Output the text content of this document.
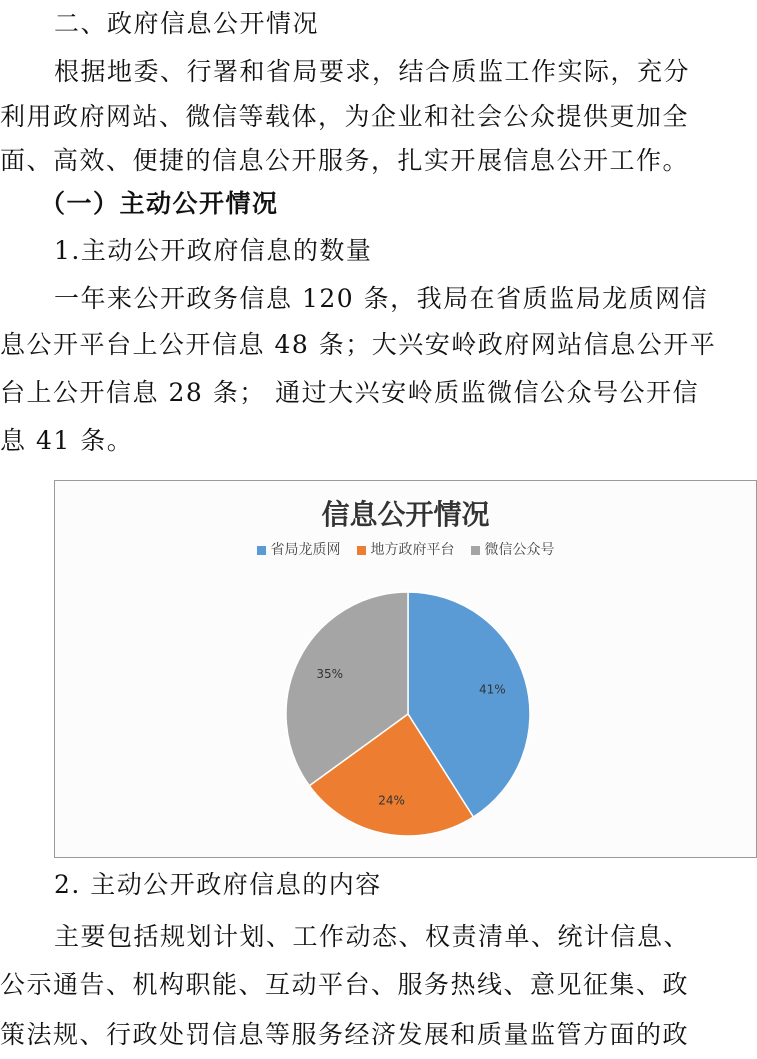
二、政府信息公开情况
根据地委、行署和省局要求，结合质监工作实际，充分
利用政府网站、微信等载体，为企业和社会公众提供更加全
面、高效、便捷的信息公开服务，扎实开展信息公开工作。
（一）主动公开情况
1.主动公开政府信息的数量
一年来公开政务信息 120 条，我局在省质监局龙质网信
息公开平台上公开信息 48 条；大兴安岭政府网站信息公开平
台上公开信息 28 条； 通过大兴安岭质监微信公众号公开信
息 41 条。
2. 主动公开政府信息的内容
主要包括规划计划、工作动态、权责清单、统计信息、
公示通告、机构职能、互动平台、服务热线、意见征集、政
策法规、行政处罚信息等服务经济发展和质量监管方面的政
信息公开情况
省局龙质网 地方政府平台 微信公众号
41%
24%
35%
